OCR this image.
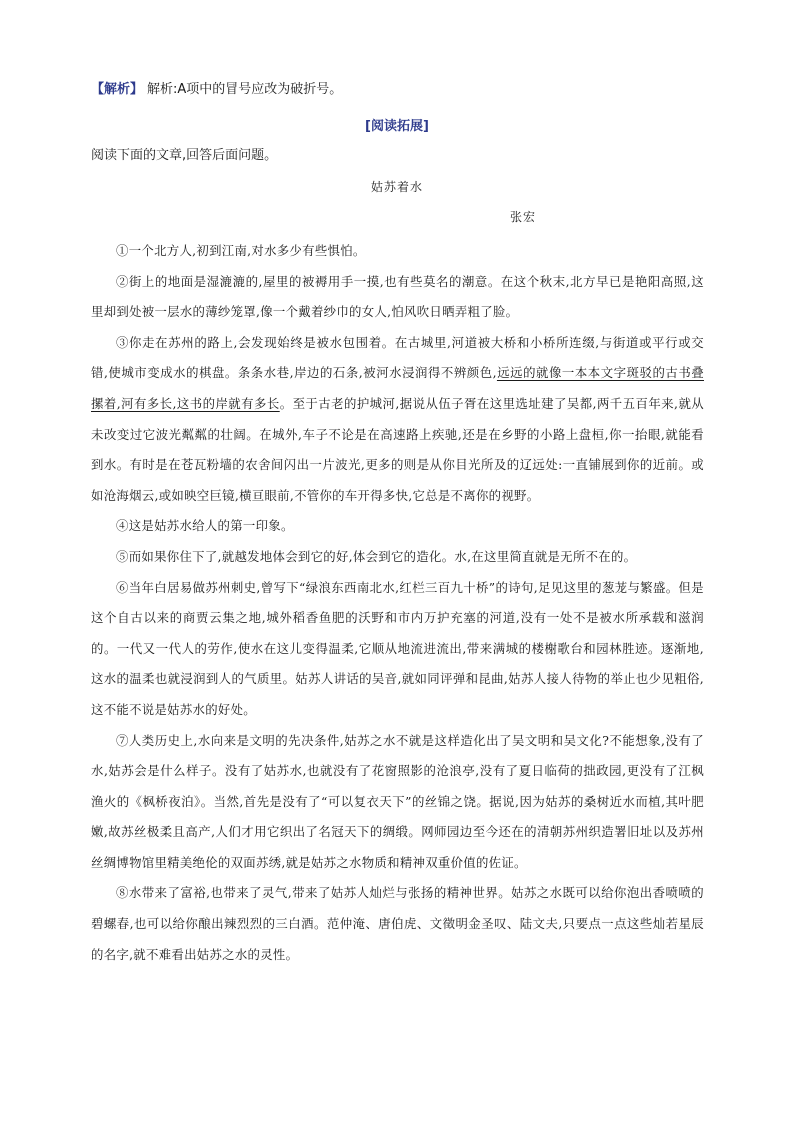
【解析】 解析:A项中的冒号应改为破折号。
[阅读拓展]
阅读下面的文章,回答后面问题。
姑苏着水
张宏

①一个北方人,初到江南,对水多少有些惧怕。

②街上的地面是湿漉漉的,屋里的被褥用手一摸,也有些莫名的潮意。在这个秋末,北方早已是艳阳高照,这里却到处被一层水的薄纱笼罩,像一个戴着纱巾的女人,怕风吹日晒弄粗了脸。

③你走在苏州的路上,会发现始终是被水包围着。在古城里,河道被大桥和小桥所连缀,与街道或平行或交错,使城市变成水的棋盘。条条水巷,岸边的石条,被河水浸润得不辨颜色,远远的就像一本本文字斑驳的古书叠摞着,河有多长,这书的岸就有多长。至于古老的护城河,据说从伍子胥在这里选址建了吴都,两千五百年来,就从未改变过它波光粼粼的壮阔。在城外,车子不论是在高速路上疾驰,还是在乡野的小路上盘桓,你一抬眼,就能看到水。有时是在苍瓦粉墙的农舍间闪出一片波光,更多的则是从你目光所及的辽远处:一直铺展到你的近前。或如沧海烟云,或如映空巨镜,横亘眼前,不管你的车开得多快,它总是不离你的视野。

④这是姑苏水给人的第一印象。

⑤而如果你住下了,就越发地体会到它的好,体会到它的造化。水,在这里简直就是无所不在的。

⑥当年白居易做苏州刺史,曾写下“绿浪东西南北水,红栏三百九十桥”的诗句,足见这里的葱茏与繁盛。但是这个自古以来的商贾云集之地,城外稻香鱼肥的沃野和市内万护充塞的河道,没有一处不是被水所承载和滋润的。一代又一代人的劳作,使水在这儿变得温柔,它顺从地流进流出,带来满城的楼榭歌台和园林胜迹。逐渐地,这水的温柔也就浸润到人的气质里。姑苏人讲话的吴音,就如同评弹和昆曲,姑苏人接人待物的举止也少见粗俗,这不能不说是姑苏水的好处。

⑦人类历史上,水向来是文明的先决条件,姑苏之水不就是这样造化出了吴文明和吴文化?不能想象,没有了水,姑苏会是什么样子。没有了姑苏水,也就没有了花窗照影的沧浪亭,没有了夏日临荷的拙政园,更没有了江枫渔火的《枫桥夜泊》。当然,首先是没有了“可以复衣天下”的丝锦之饶。据说,因为姑苏的桑树近水而植,其叶肥嫩,故苏丝极柔且高产,人们才用它织出了名冠天下的绸缎。网师园边至今还在的清朝苏州织造署旧址以及苏州丝绸博物馆里精美绝伦的双面苏绣,就是姑苏之水物质和精神双重价值的佐证。

⑧水带来了富裕,也带来了灵气,带来了姑苏人灿烂与张扬的精神世界。姑苏之水既可以给你泡出香喷喷的碧螺春,也可以给你酿出辣烈烈的三白酒。范仲淹、唐伯虎、文徵明金圣叹、陆文夫,只要点一点这些灿若星辰的名字,就不难看出姑苏之水的灵性。
